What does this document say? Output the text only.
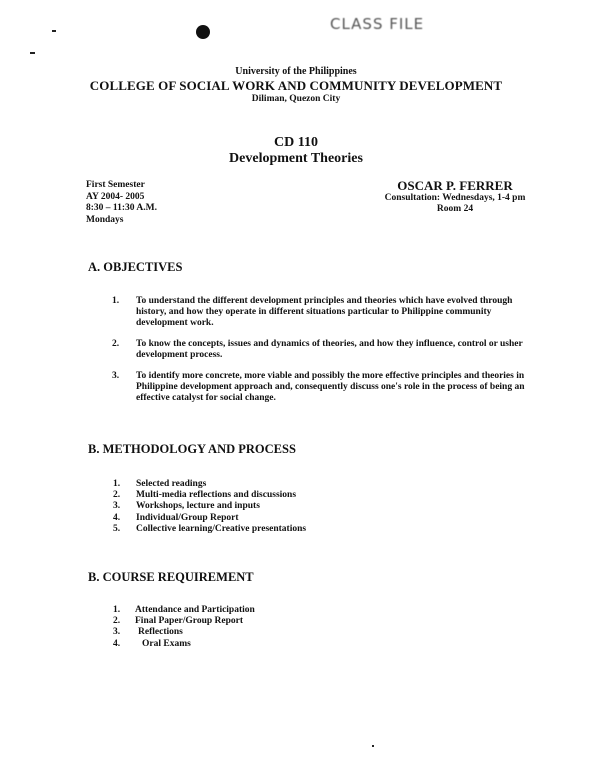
CLASS FILE
University of the Philippines
COLLEGE OF SOCIAL WORK AND COMMUNITY DEVELOPMENT
Diliman, Quezon City
CD 110
Development Theories
First Semester
AY 2004- 2005
8:30 – 11:30 A.M.
Mondays
OSCAR P. FERRER
Consultation: Wednesdays, 1-4 pm
Room 24
A. OBJECTIVES
1.	To understand the different development principles and theories which have evolved through history, and how they operate in different situations particular to Philippine community development work.
2.	To know the concepts, issues and dynamics of theories, and how they influence, control or usher development process.
3.	To identify more concrete, more viable and possibly the more effective principles and theories in Philippine development approach and, consequently discuss one's role in the process of being an effective catalyst for social change.
B. METHODOLOGY AND PROCESS
1.	Selected readings
2.	Multi-media reflections and discussions
3.	Workshops, lecture and inputs
4.	Individual/Group Report
5.	Collective learning/Creative presentations
B. COURSE REQUIREMENT
1.	Attendance and Participation
2.	Final Paper/Group Report
3.	Reflections
4.	Oral Exams
